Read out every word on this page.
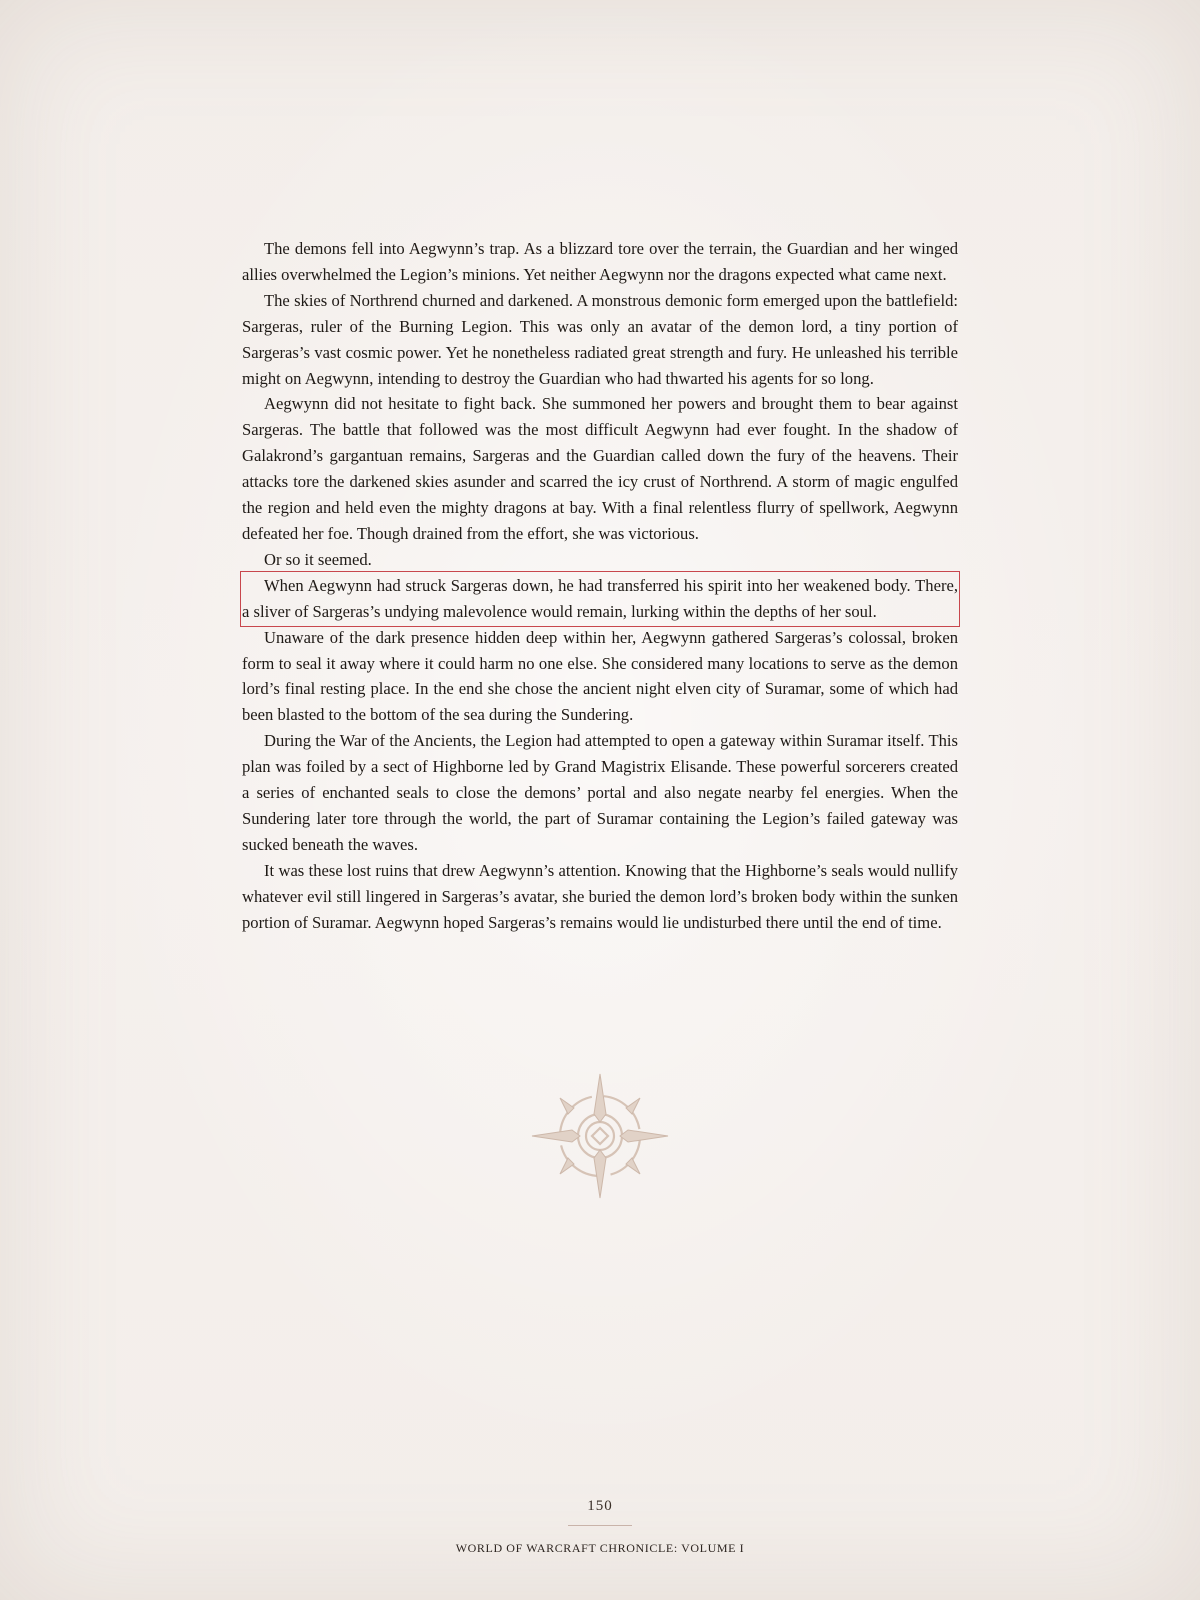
The demons fell into Aegwynn’s trap. As a blizzard tore over the terrain, the Guardian and her winged allies overwhelmed the Legion’s minions. Yet neither Aegwynn nor the dragons expected what came next.

The skies of Northrend churned and darkened. A monstrous demonic form emerged upon the battlefield: Sargeras, ruler of the Burning Legion. This was only an avatar of the demon lord, a tiny portion of Sargeras’s vast cosmic power. Yet he nonetheless radiated great strength and fury. He unleashed his terrible might on Aegwynn, intending to destroy the Guardian who had thwarted his agents for so long.

Aegwynn did not hesitate to fight back. She summoned her powers and brought them to bear against Sargeras. The battle that followed was the most difficult Aegwynn had ever fought. In the shadow of Galakrond’s gargantuan remains, Sargeras and the Guardian called down the fury of the heavens. Their attacks tore the darkened skies asunder and scarred the icy crust of Northrend. A storm of magic engulfed the region and held even the mighty dragons at bay. With a final relentless flurry of spellwork, Aegwynn defeated her foe. Though drained from the effort, she was victorious.

Or so it seemed.

When Aegwynn had struck Sargeras down, he had transferred his spirit into her weakened body. There, a sliver of Sargeras’s undying malevolence would remain, lurking within the depths of her soul.

Unaware of the dark presence hidden deep within her, Aegwynn gathered Sargeras’s colossal, broken form to seal it away where it could harm no one else. She considered many locations to serve as the demon lord’s final resting place. In the end she chose the ancient night elven city of Suramar, some of which had been blasted to the bottom of the sea during the Sundering.

During the War of the Ancients, the Legion had attempted to open a gateway within Suramar itself. This plan was foiled by a sect of Highborne led by Grand Magistrix Elisande. These powerful sorcerers created a series of enchanted seals to close the demons’ portal and also negate nearby fel energies. When the Sundering later tore through the world, the part of Suramar containing the Legion’s failed gateway was sucked beneath the waves.

It was these lost ruins that drew Aegwynn’s attention. Knowing that the Highborne’s seals would nullify whatever evil still lingered in Sargeras’s avatar, she buried the demon lord’s broken body within the sunken portion of Suramar. Aegwynn hoped Sargeras’s remains would lie undisturbed there until the end of time.

150
WORLD OF WARCRAFT CHRONICLE: VOLUME I
